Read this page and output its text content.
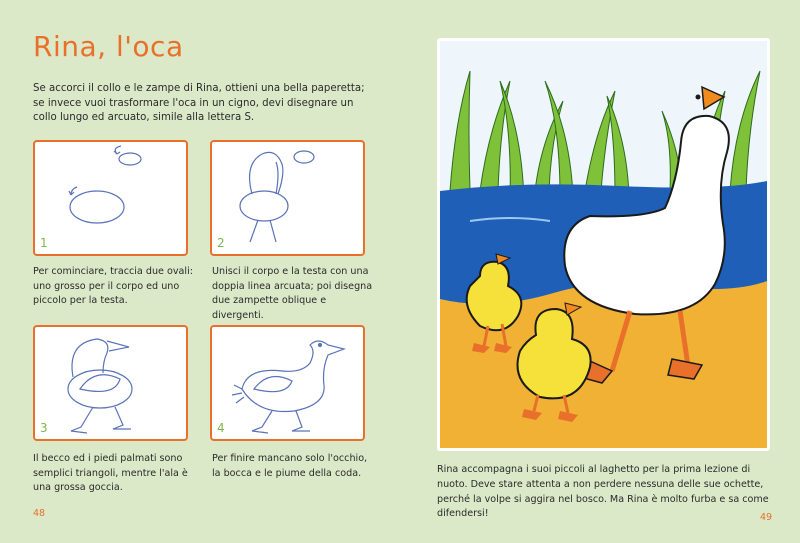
Rina, l'oca
Se accorci il collo e le zampe di Rina, ottieni una bella paperetta; se invece vuoi trasformare l'oca in un cigno, devi disegnare un collo lungo ed arcuato, simile alla lettera S.
1
Per cominciare, traccia due ovali: uno grosso per il corpo ed uno piccolo per la testa.
2
Unisci il corpo e la testa con una doppia linea arcuata; poi disegna due zampette oblique e divergenti.
3
Il becco ed i piedi palmati sono semplici triangoli, mentre l'ala è una grossa goccia.
4
Per finire mancano solo l'occhio, la bocca e le piume della coda.
48
Rina accompagna i suoi piccoli al laghetto per la prima lezione di nuoto. Deve stare attenta a non perdere nessuna delle sue ochette, perché la volpe si aggira nel bosco. Ma Rina è molto furba e sa come difendersi!	49
